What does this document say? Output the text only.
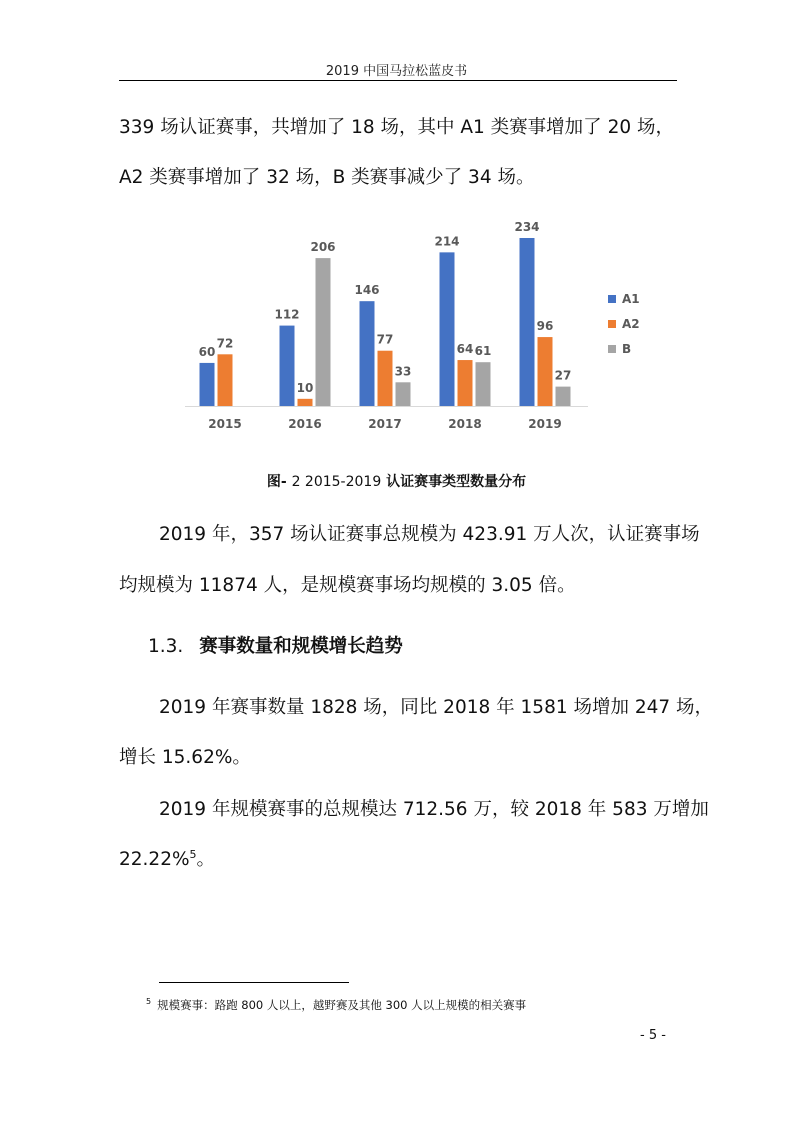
2019 中国马拉松蓝皮书
339 场认证赛事，共增加了 18 场，其中 A1 类赛事增加了 20 场，
A2 类赛事增加了 32 场，B 类赛事减少了 34 场。
60
72
2015
112
10
206
2016
146
77
33
2017
214
64 61
2018
234
96
27
2019
A1
A2
B
图- 2 2015-2019 认证赛事类型数量分布
2019 年，357 场认证赛事总规模为 423.91 万人次，认证赛事场
均规模为 11874 人，是规模赛事场均规模的 3.05 倍。
1.3. 赛事数量和规模增长趋势
2019 年赛事数量 1828 场，同比 2018 年 1581 场增加 247 场，
增长 15.62%。
2019 年规模赛事的总规模达 712.56 万，较 2018 年 583 万增加
22.22%$^5$。
$^5$ 规模赛事：路跑 800 人以上，越野赛及其他 300 人以上规模的相关赛事
- 5 -
